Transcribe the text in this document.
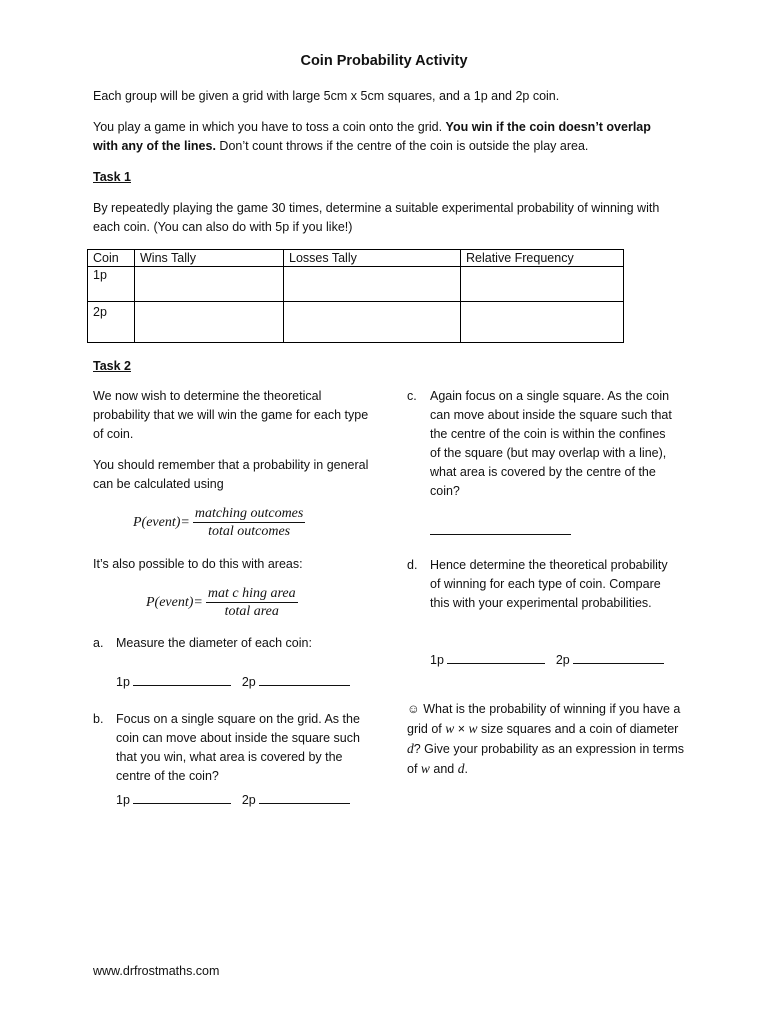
Coin Probability Activity
Each group will be given a grid with large 5cm x 5cm squares, and a 1p and 2p coin.
You play a game in which you have to toss a coin onto the grid. You win if the coin doesn’t overlap with any of the lines. Don’t count throws if the centre of the coin is outside the play area.
Task 1
By repeatedly playing the game 30 times, determine a suitable experimental probability of winning with each coin. (You can also do with 5p if you like!)
Coin	Wins Tally	Losses Tally	Relative Frequency
1p			
2p			
Task 2
We now wish to determine the theoretical probability that we will win the game for each type of coin.
You should remember that a probability in general can be calculated using
P(event)= $\frac{\text{matching outcomes}}{\text{total outcomes}}$
It’s also possible to do this with areas:
P(event)= $\frac{\text{mat c hing area}}{\text{total area}}$
a.	Measure the diameter of each coin:
1p	2p
b.	Focus on a single square on the grid. As the coin can move about inside the square such that you win, what area is covered by the centre of the coin?
1p	2p
c.	Again focus on a single square. As the coin can move about inside the square such that the centre of the coin is within the confines of the square (but may overlap with a line), what area is covered by the centre of the coin?
d.	Hence determine the theoretical probability of winning for each type of coin. Compare this with your experimental probabilities.
1p	2p
☺ What is the probability of winning if you have a grid of w × w size squares and a coin of diameter d? Give your probability as an expression in terms of w and d.
www.drfrostmaths.com
